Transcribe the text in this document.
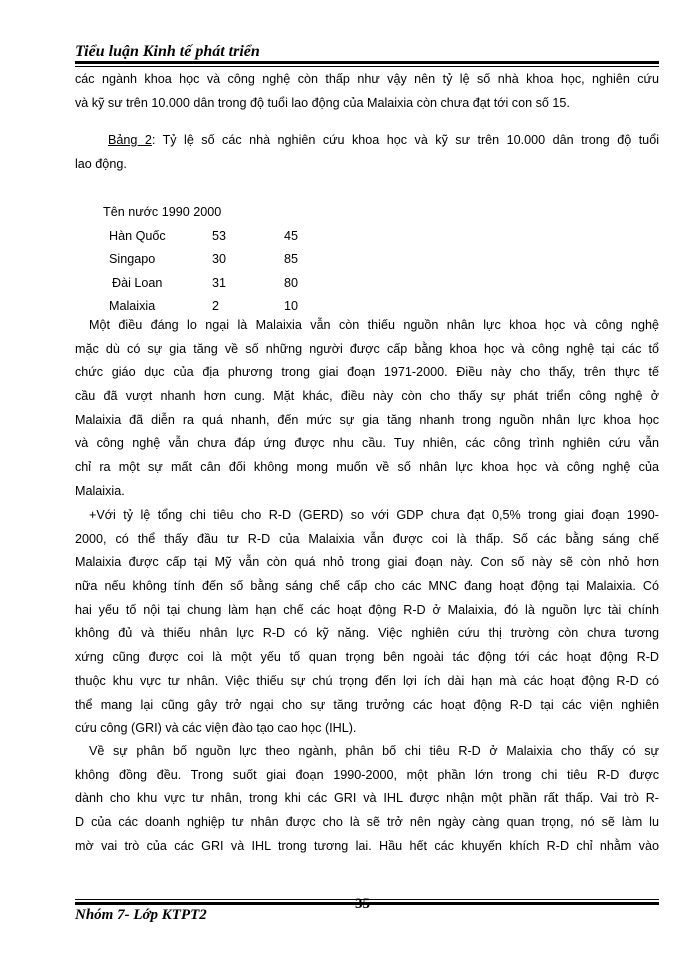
Tiểu luận Kinh tế phát triển
các ngành khoa học và công nghệ còn thấp như vậy nên tỷ lệ số nhà khoa học, nghiên cứu
và kỹ sư trên 10.000 dân trong độ tuổi lao động của Malaixia còn chưa đạt tới con số 15.
Bảng 2: Tỷ lệ số các nhà nghiên cứu khoa học và kỹ sư trên 10.000 dân trong độ tuổi
lao động.
Tên nước 1990 2000
Hàn Quốc	53	45
Singapo	30	85
Đài Loan	31	80
Malaixia	2	10
Một điều đáng lo ngại là Malaixia vẫn còn thiếu nguồn nhân lực khoa học và công nghệ
mặc dù có sự gia tăng về số những người được cấp bằng khoa học và công nghệ tại các tổ
chức giáo dục của địa phương trong giai đoạn 1971-2000. Điều này cho thấy, trên thực tế
cầu đã vượt nhanh hơn cung. Mặt khác, điều này còn cho thấy sự phát triển công nghệ ở
Malaixia đã diễn ra quá nhanh, đến mức sự gia tăng nhanh trong nguồn nhân lực khoa học
và công nghệ vẫn chưa đáp ứng được nhu cầu. Tuy nhiên, các công trình nghiên cứu vẫn
chỉ ra một sự mất cân đối không mong muốn về số nhân lực khoa học và công nghệ của
Malaixia.
+Với tỷ lệ tổng chi tiêu cho R-D (GERD) so với GDP chưa đạt 0,5% trong giai đoạn 1990-
2000, có thể thấy đầu tư R-D của Malaixia vẫn được coi là thấp. Số các bằng sáng chế
Malaixia được cấp tại Mỹ vẫn còn quá nhỏ trong giai đoạn này. Con số này sẽ còn nhỏ hơn
nữa nếu không tính đến số bằng sáng chế cấp cho các MNC đang hoạt động tại Malaixia. Có
hai yếu tố nội tại chung làm hạn chế các hoạt động R-D ở Malaixia, đó là nguồn lực tài chính
không đủ và thiếu nhân lực R-D có kỹ năng. Việc nghiên cứu thị trường còn chưa tương
xứng cũng được coi là một yếu tố quan trọng bên ngoài tác động tới các hoạt động R-D
thuộc khu vực tư nhân. Việc thiếu sự chú trọng đến lợi ích dài hạn mà các hoạt động R-D có
thể mang lại cũng gây trở ngại cho sự tăng trưởng các hoạt động R-D tại các viện nghiên
cứu công (GRI) và các viện đào tạo cao học (IHL).
Về sự phân bố nguồn lực theo ngành, phân bố chi tiêu R-D ở Malaixia cho thấy có sự
không đồng đều. Trong suốt giai đoạn 1990-2000, một phần lớn trong chi tiêu R-D được
dành cho khu vực tư nhân, trong khi các GRI và IHL được nhận một phần rất thấp. Vai trò R-
D của các doanh nghiệp tư nhân được cho là sẽ trở nên ngày càng quan trọng, nó sẽ làm lu
mờ vai trò của các GRI và IHL trong tương lai. Hầu hết các khuyến khích R-D chỉ nhằm vào
35
Nhóm 7- Lớp KTPT2
